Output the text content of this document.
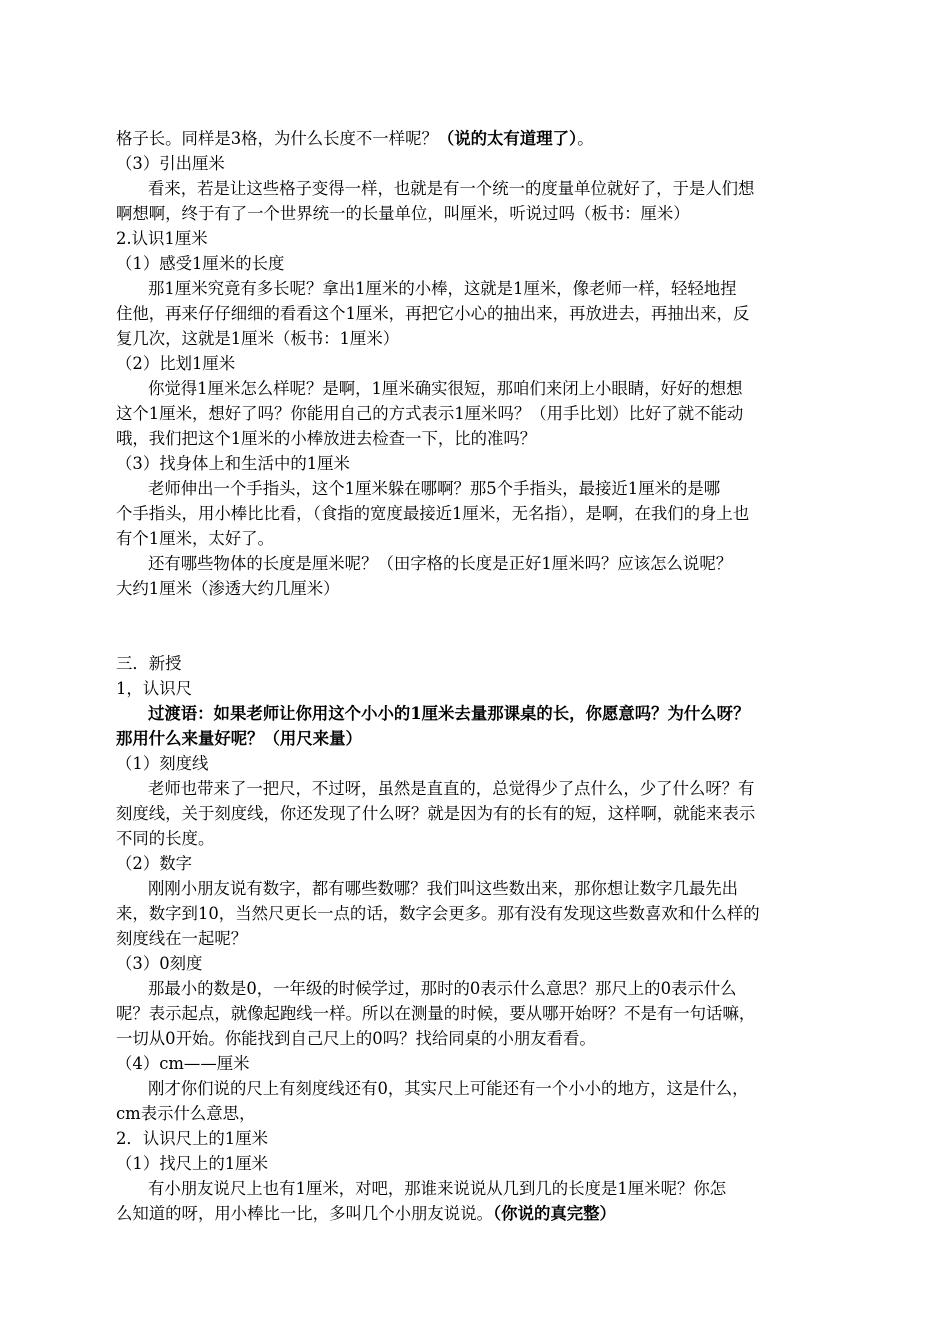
格子长。同样是3格，为什么长度不一样呢？（说的太有道理了）。
（3）引出厘米
看来，若是让这些格子变得一样，也就是有一个统一的度量单位就好了，于是人们想
啊想啊，终于有了一个世界统一的长量单位，叫厘米，听说过吗（板书：厘米）
2.认识1厘米
（1）感受1厘米的长度
那1厘米究竟有多长呢？拿出1厘米的小棒，这就是1厘米，像老师一样，轻轻地捏
住他，再来仔仔细细的看看这个1厘米，再把它小心的抽出来，再放进去，再抽出来，反
复几次，这就是1厘米（板书：1厘米）
（2）比划1厘米
你觉得1厘米怎么样呢？是啊，1厘米确实很短，那咱们来闭上小眼睛，好好的想想
这个1厘米，想好了吗？你能用自己的方式表示1厘米吗？（用手比划）比好了就不能动
哦，我们把这个1厘米的小棒放进去检查一下，比的准吗？
（3）找身体上和生活中的1厘米
老师伸出一个手指头，这个1厘米躲在哪啊？那5个手指头，最接近1厘米的是哪
个手指头，用小棒比比看，（食指的宽度最接近1厘米，无名指），是啊，在我们的身上也
有个1厘米，太好了。
还有哪些物体的长度是厘米呢？（田字格的长度是正好1厘米吗？应该怎么说呢？
大约1厘米（渗透大约几厘米）
三．新授
1，认识尺
过渡语：如果老师让你用这个小小的1厘米去量那课桌的长，你愿意吗？为什么呀？
那用什么来量好呢？（用尺来量）
（1）刻度线
老师也带来了一把尺，不过呀，虽然是直直的，总觉得少了点什么，少了什么呀？有
刻度线，关于刻度线，你还发现了什么呀？就是因为有的长有的短，这样啊，就能来表示
不同的长度。
（2）数字
刚刚小朋友说有数字，都有哪些数哪？我们叫这些数出来，那你想让数字几最先出
来，数字到10，当然尺更长一点的话，数字会更多。那有没有发现这些数喜欢和什么样的
刻度线在一起呢？
（3）0刻度
那最小的数是0，一年级的时候学过，那时的0表示什么意思？那尺上的0表示什么
呢？表示起点，就像起跑线一样。所以在测量的时候，要从哪开始呀？不是有一句话嘛，
一切从0开始。你能找到自己尺上的0吗？找给同桌的小朋友看看。
（4）cm——厘米
刚才你们说的尺上有刻度线还有0，其实尺上可能还有一个小小的地方，这是什么，
cm表示什么意思，
2．认识尺上的1厘米
（1）找尺上的1厘米
有小朋友说尺上也有1厘米，对吧，那谁来说说从几到几的长度是1厘米呢？你怎
么知道的呀，用小棒比一比，多叫几个小朋友说说。（你说的真完整）
